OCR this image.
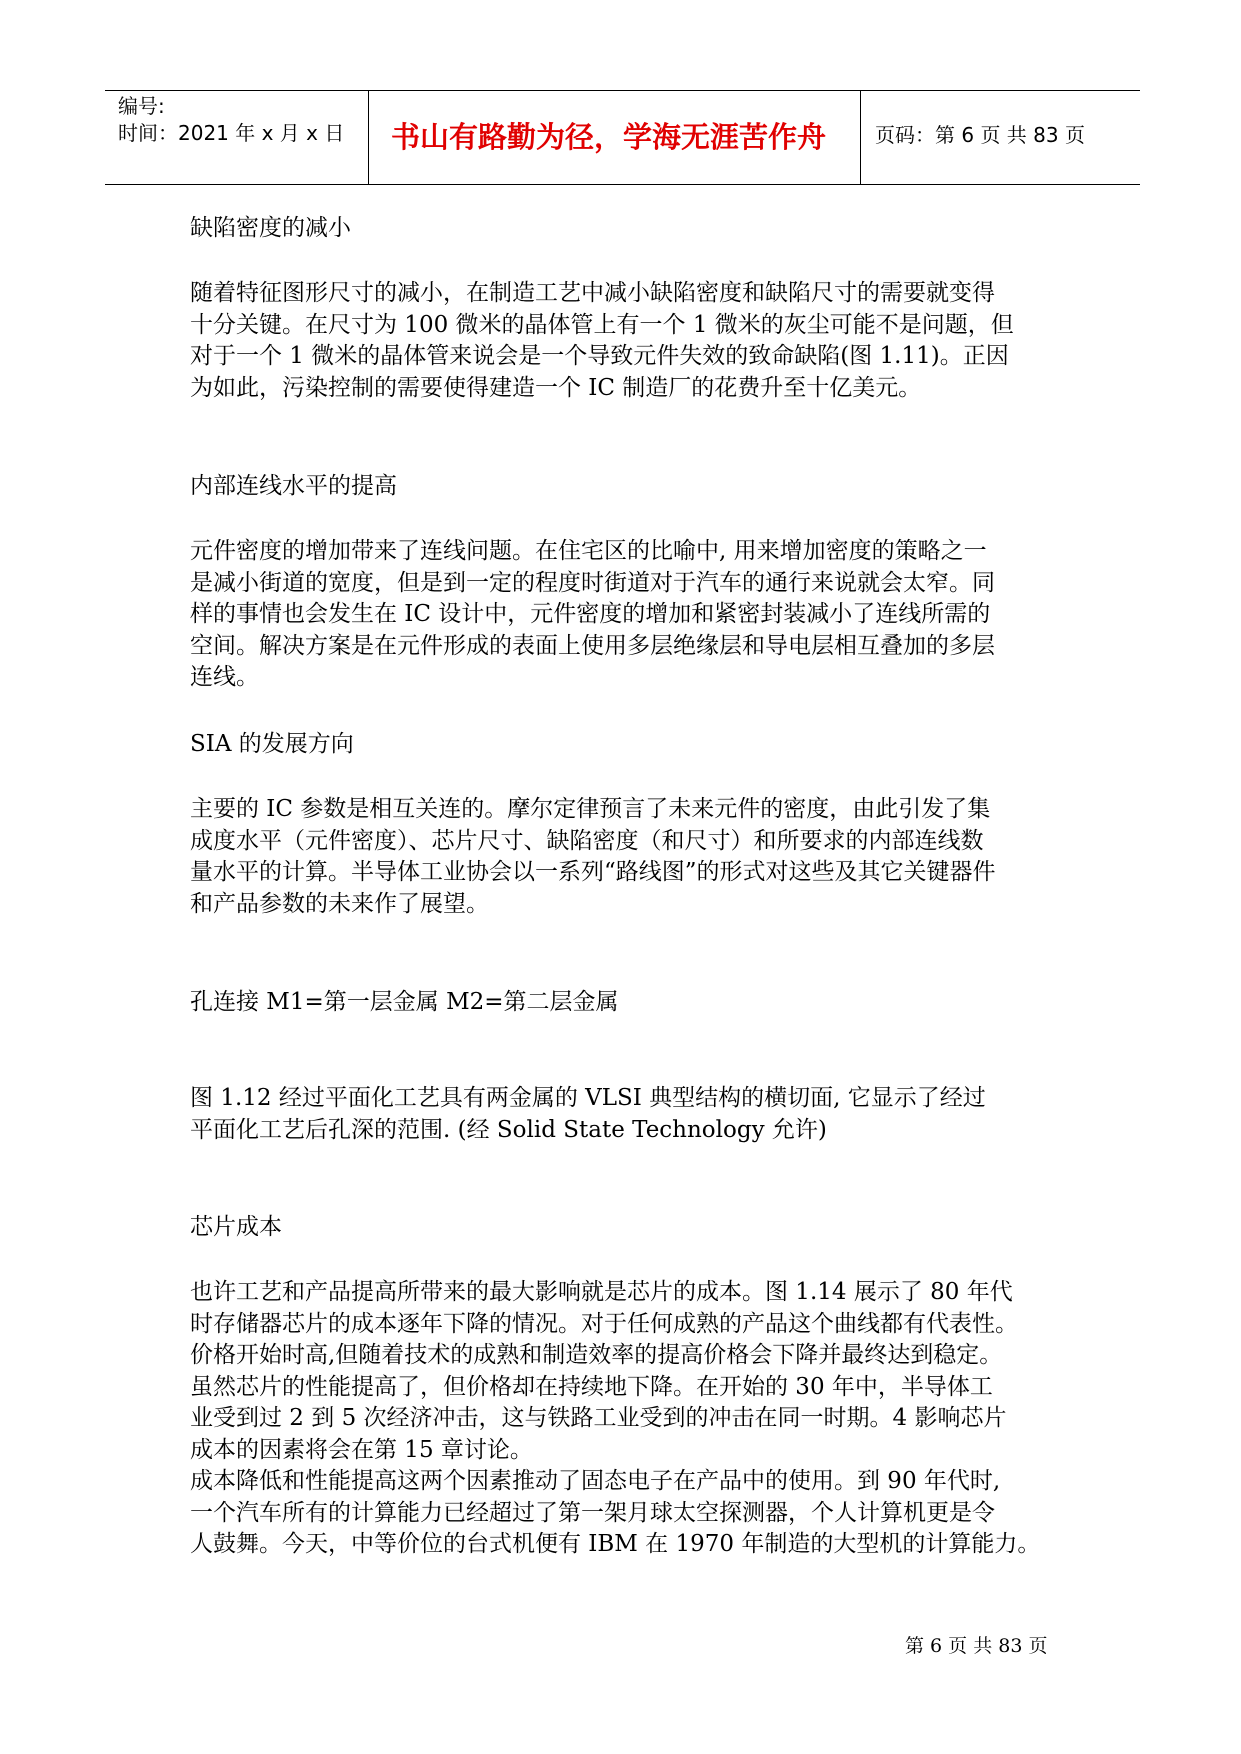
编号:
时间：2021 年 x 月 x 日 书山有路勤为径，学海无涯苦作舟 页码：第 6 页 共 83 页
缺陷密度的减小
随着特征图形尺寸的减小，在制造工艺中减小缺陷密度和缺陷尺寸的需要就变得
十分关键。在尺寸为 100 微米的晶体管上有一个 1 微米的灰尘可能不是问题，但
对于一个 1 微米的晶体管来说会是一个导致元件失效的致命缺陷(图 1.11)。正因
为如此，污染控制的需要使得建造一个 IC 制造厂的花费升至十亿美元。
内部连线水平的提高
元件密度的增加带来了连线问题。在住宅区的比喻中, 用来增加密度的策略之一
是减小街道的宽度，但是到一定的程度时街道对于汽车的通行来说就会太窄。同
样的事情也会发生在 IC 设计中，元件密度的增加和紧密封装减小了连线所需的
空间。解决方案是在元件形成的表面上使用多层绝缘层和导电层相互叠加的多层
连线。
SIA 的发展方向
主要的 IC 参数是相互关连的。摩尔定律预言了未来元件的密度，由此引发了集
成度水平（元件密度）、芯片尺寸、缺陷密度（和尺寸）和所要求的内部连线数
量水平的计算。半导体工业协会以一系列“路线图”的形式对这些及其它关键器件
和产品参数的未来作了展望。
孔连接 M1=第一层金属 M2=第二层金属
图 1.12 经过平面化工艺具有两金属的 VLSI 典型结构的横切面, 它显示了经过
平面化工艺后孔深的范围. (经 Solid State Technology 允许)
芯片成本
也许工艺和产品提高所带来的最大影响就是芯片的成本。图 1.14 展示了 80 年代
时存储器芯片的成本逐年下降的情况。对于任何成熟的产品这个曲线都有代表性。
价格开始时高,但随着技术的成熟和制造效率的提高价格会下降并最终达到稳定。
虽然芯片的性能提高了，但价格却在持续地下降。在开始的 30 年中，半导体工
业受到过 2 到 5 次经济冲击，这与铁路工业受到的冲击在同一时期。4 影响芯片
成本的因素将会在第 15 章讨论。
成本降低和性能提高这两个因素推动了固态电子在产品中的使用。到 90 年代时,
一个汽车所有的计算能力已经超过了第一架月球太空探测器，个人计算机更是令
人鼓舞。今天，中等价位的台式机便有 IBM 在 1970 年制造的大型机的计算能力。
第 6 页 共 83 页
